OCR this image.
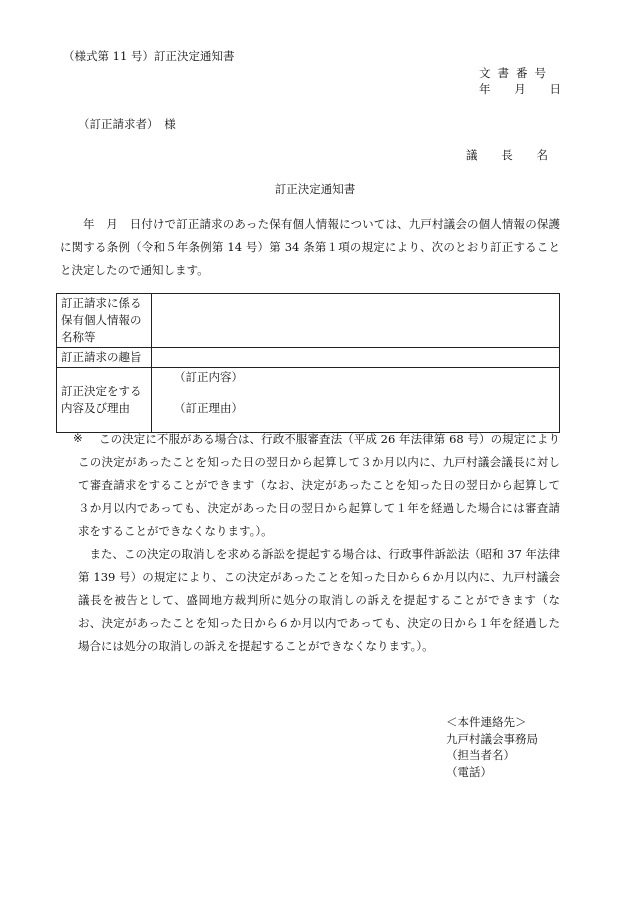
（様式第 11 号）訂正決定通知書
文書番号
年 月 日
（訂正請求者）　様
議 長 名
訂正決定通知書

年　月　日付けで訂正請求のあった保有個人情報については、九戸村議会の個人情報の保護に関する条例（令和５年条例第 14 号）第 34 条第１項の規定により、次のとおり訂正することと決定したので通知します。

訂正請求に係る保有個人情報の名称等	
訂正請求の趣旨	
訂正決定をする内容及び理由	（訂正内容）
（訂正理由）
※	この決定に不服がある場合は、行政不服審査法（平成 26 年法律第 68 号）の規定によりこの決定があったことを知った日の翌日から起算して３か月以内に、九戸村議会議長に対して審査請求をすることができます（なお、決定があったことを知った日の翌日から起算して３か月以内であっても、決定があった日の翌日から起算して１年を経過した場合には審査請求をすることができなくなります。）。

また、この決定の取消しを求める訴訟を提起する場合は、行政事件訴訟法（昭和 37 年法律第 139 号）の規定により、この決定があったことを知った日から６か月以内に、九戸村議会議長を被告として、盛岡地方裁判所に処分の取消しの訴えを提起することができます（なお、決定があったことを知った日から６か月以内であっても、決定の日から１年を経過した場合には処分の取消しの訴えを提起することができなくなります。）。

＜本件連絡先＞
九戸村議会事務局
（担当者名）
（電話）
